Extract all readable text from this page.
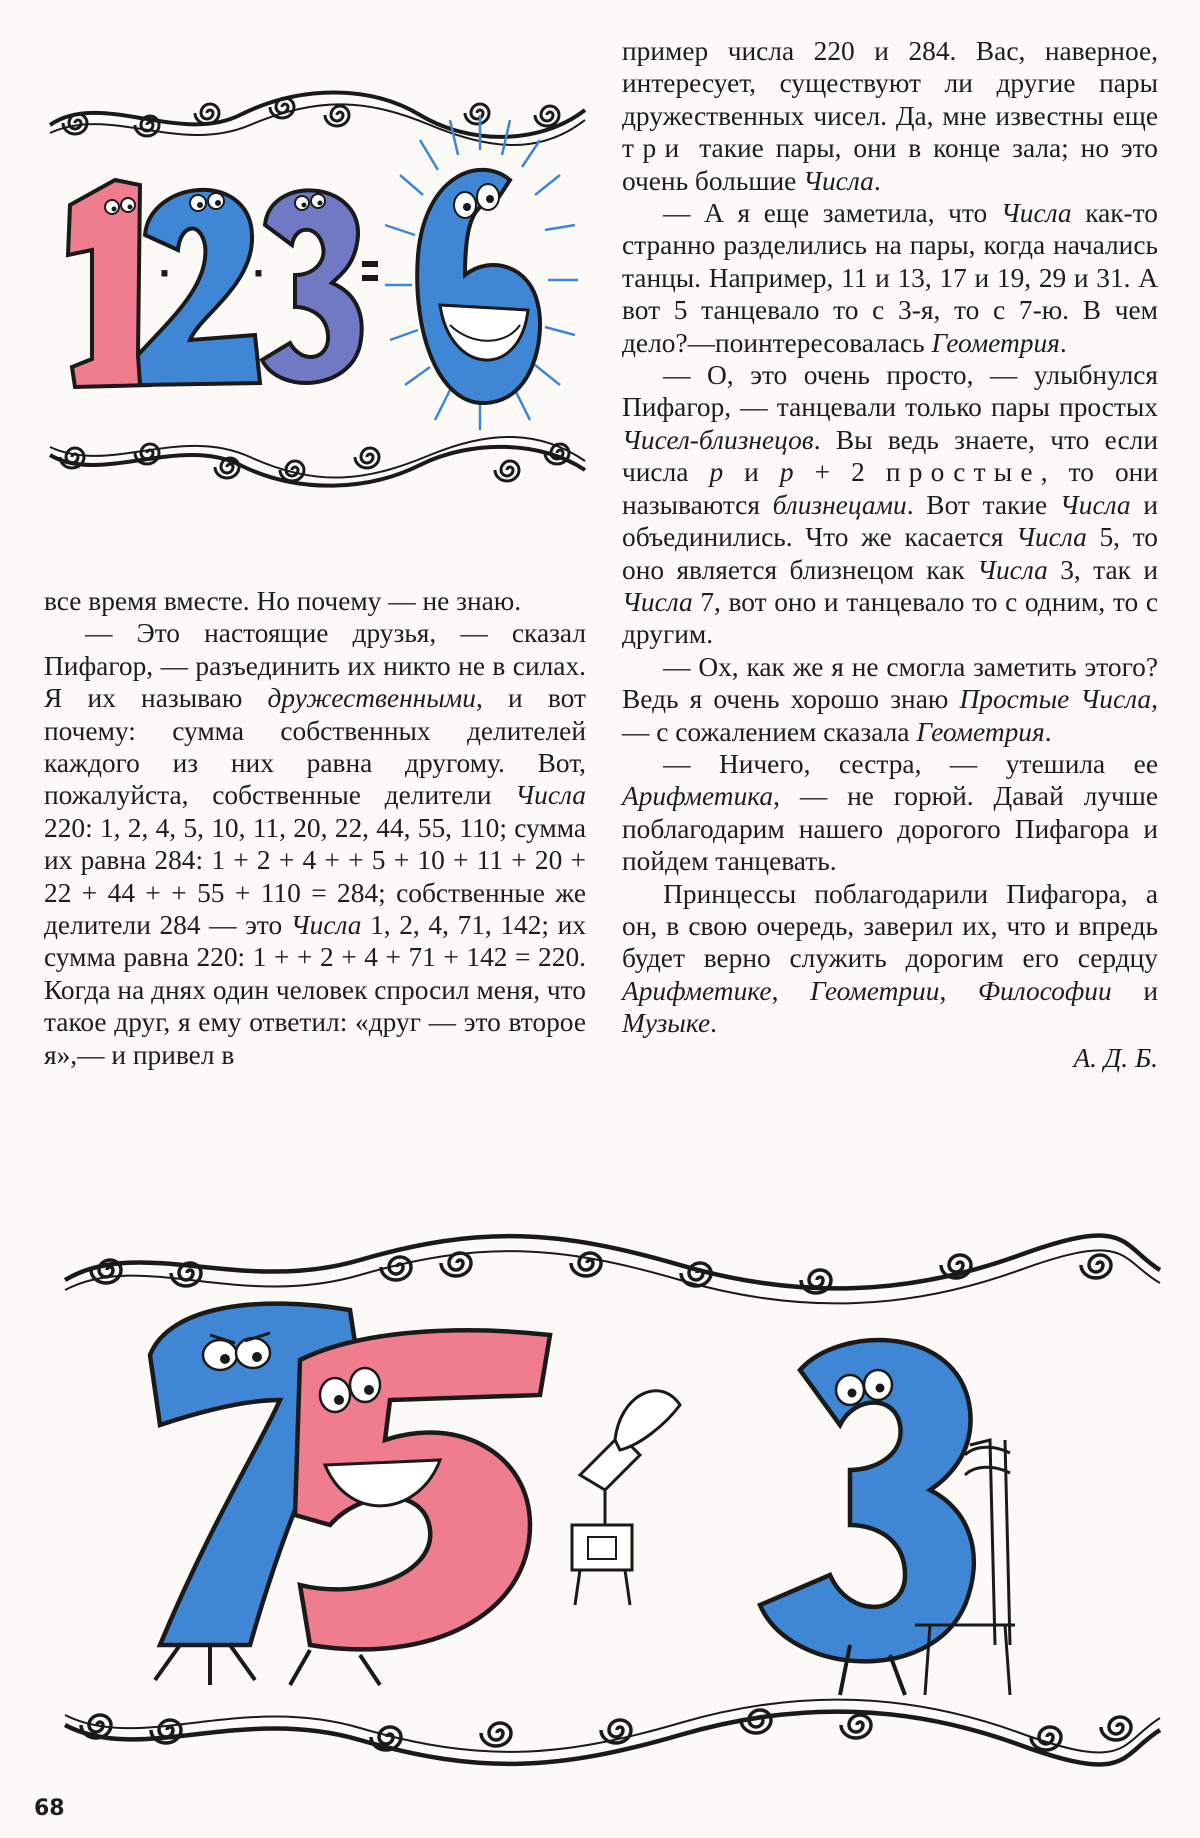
· ·

все время вместе. Но почему — не знаю.

— Это настоящие друзья, — сказал Пифагор, — разъединить их никто не в силах. Я их называю дружественными, и вот почему: сумма собственных делителей каждого из них равна другому. Вот, пожалуйста, собственные делители Числа 220: 1, 2, 4, 5, 10, 11, 20, 22, 44, 55, 110; сумма их равна 284: 1 + 2 + 4 + + 5 + 10 + 11 + 20 + 22 + 44 + + 55 + 110 = 284; собственные же делители 284 — это Числа 1, 2, 4, 71, 142; их сумма равна 220: 1 + + 2 + 4 + 71 + 142 = 220. Когда на днях один человек спросил меня, что такое друг, я ему ответил: «друг — это второе я»,— и привел в

пример числа 220 и 284. Вас, наверное, интересует, существуют ли другие пары дружественных чисел. Да, мне известны еще три такие пары, они в конце зала; но это очень большие Числа.

— А я еще заметила, что Числа как-то странно разделились на пары, когда начались танцы. Например, 11 и 13, 17 и 19, 29 и 31. А вот 5 танцевало то с 3-я, то с 7-ю. В чем дело?—поинтересовалась Геометрия.

— О, это очень просто, — улыбнулся Пифагор, — танцевали только пары простых Чисел-близнецов. Вы ведь знаете, что если числа р и р + 2 простые, то они называются близнецами. Вот такие Числа и объединились. Что же касается Числа 5, то оно является близнецом как Числа 3, так и Числа 7, вот оно и танцевало то с одним, то с другим.

— Ох, как же я не смогла заметить этого? Ведь я очень хорошо знаю Простые Числа, — с сожалением сказала Геометрия.

— Ничего, сестра, — утешила ее Арифметика, — не горюй. Давай лучше поблагодарим нашего дорогого Пифагора и пойдем танцевать.

Принцессы поблагодарили Пифагора, а он, в свою очередь, заверил их, что и впредь будет верно служить дорогим его сердцу Арифметике, Геометрии, Философии и Музыке.

А. Д. Б.

68
